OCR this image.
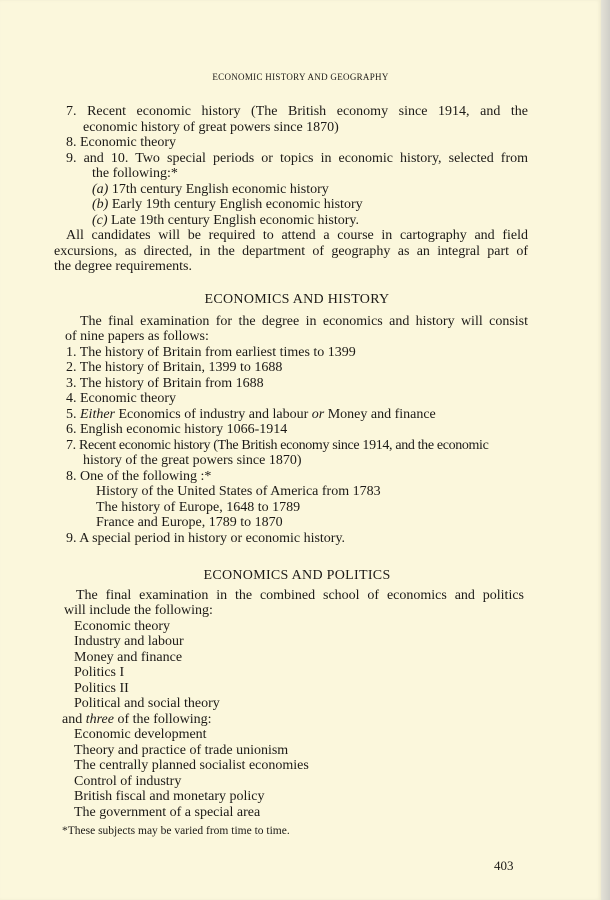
ECONOMIC HISTORY AND GEOGRAPHY
7. Recent economic history (The British economy since 1914, and the
economic history of great powers since 1870)
8. Economic theory
9. and 10. Two special periods or topics in economic history, selected from
the following:*
(a) 17th century English economic history
(b) Early 19th century English economic history
(c) Late 19th century English economic history.
All candidates will be required to attend a course in cartography and field
excursions, as directed, in the department of geography as an integral part of
the degree requirements.
ECONOMICS AND HISTORY
The final examination for the degree in economics and history will consist
of nine papers as follows:
1. The history of Britain from earliest times to 1399
2. The history of Britain, 1399 to 1688
3. The history of Britain from 1688
4. Economic theory
5. Either Economics of industry and labour or Money and finance
6. English economic history 1066-1914
7. Recent economic history (The British economy since 1914, and the economic
history of the great powers since 1870)
8. One of the following :*
History of the United States of America from 1783
The history of Europe, 1648 to 1789
France and Europe, 1789 to 1870
9. A special period in history or economic history.
ECONOMICS AND POLITICS
The final examination in the combined school of economics and politics
will include the following:
Economic theory
Industry and labour
Money and finance
Politics I
Politics II
Political and social theory
and three of the following:
Economic development
Theory and practice of trade unionism
The centrally planned socialist economies
Control of industry
British fiscal and monetary policy
The government of a special area
*These subjects may be varied from time to time.
403
